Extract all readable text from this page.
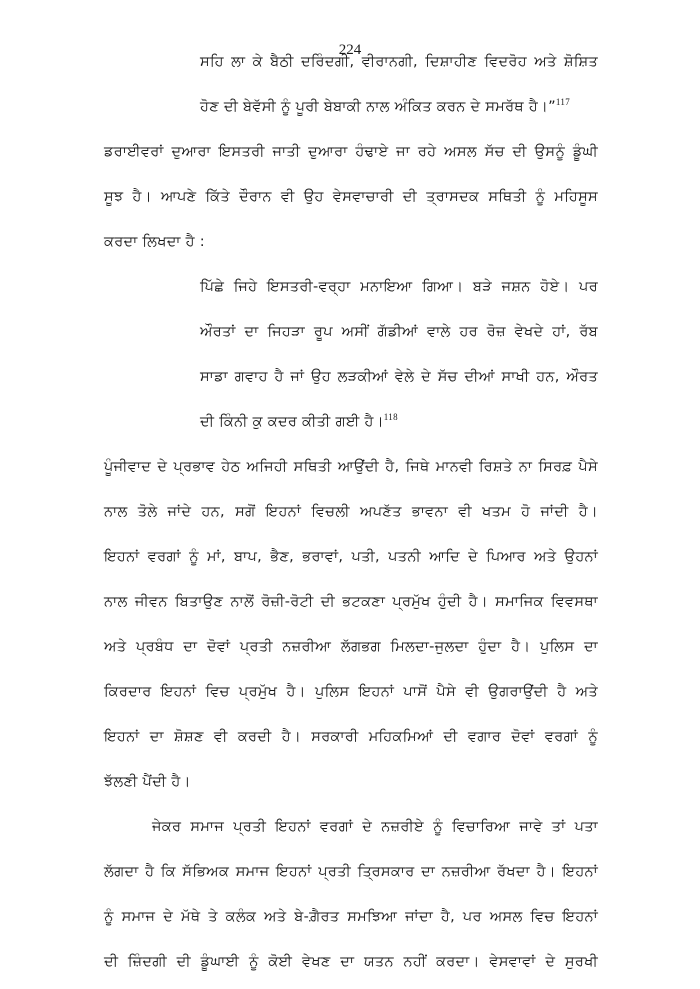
224
ਸਹਿ ਲਾ ਕੇ ਬੈਠੀ ਦਰਿੰਦਗੀ, ਵੀਰਾਨਗੀ, ਦਿਸ਼ਾਹੀਣ ਵਿਦਰੋਹ ਅਤੇ ਸ਼ੋਸ਼ਿਤ
ਹੋਣ ਦੀ ਬੇਵੱਸੀ ਨੂੰ ਪੂਰੀ ਬੇਬਾਕੀ ਨਾਲ ਅੰਕਿਤ ਕਰਨ ਦੇ ਸਮਰੱਥ ਹੈ।”$^{117}$
ਡਰਾਈਵਰਾਂ ਦੁਆਰਾ ਇਸਤਰੀ ਜਾਤੀ ਦੁਆਰਾ ਹੰਢਾਏ ਜਾ ਰਹੇ ਅਸਲ ਸੱਚ ਦੀ ਉਸਨੂੰ ਡੂੰਘੀ
ਸੂਝ ਹੈ। ਆਪਣੇ ਕਿੱਤੇ ਦੌਰਾਨ ਵੀ ਉਹ ਵੇਸਵਾਚਾਰੀ ਦੀ ਤ੍ਰਾਸਦਕ ਸਥਿਤੀ ਨੂੰ ਮਹਿਸੂਸ
ਕਰਦਾ ਲਿਖਦਾ ਹੈ :
ਪਿੱਛੇ ਜਿਹੇ ਇਸਤਰੀ-ਵਰ੍ਹਾ ਮਨਾਇਆ ਗਿਆ। ਬੜੇ ਜਸ਼ਨ ਹੋਏ। ਪਰ
ਔਰਤਾਂ ਦਾ ਜਿਹੜਾ ਰੂਪ ਅਸੀਂ ਗੱਡੀਆਂ ਵਾਲੇ ਹਰ ਰੋਜ਼ ਵੇਖਦੇ ਹਾਂ, ਰੱਬ
ਸਾਡਾ ਗਵਾਹ ਹੈ ਜਾਂ ਉਹ ਲੜਕੀਆਂ ਵੇਲੇ ਦੇ ਸੱਚ ਦੀਆਂ ਸਾਖੀ ਹਨ, ਔਰਤ
ਦੀ ਕਿੰਨੀ ਕੁ ਕਦਰ ਕੀਤੀ ਗਈ ਹੈ।$^{118}$
ਪੂੰਜੀਵਾਦ ਦੇ ਪ੍ਰਭਾਵ ਹੇਠ ਅਜਿਹੀ ਸਥਿਤੀ ਆਉਂਦੀ ਹੈ, ਜਿਥੇ ਮਾਨਵੀ ਰਿਸ਼ਤੇ ਨਾ ਸਿਰਫ਼ ਪੈਸੇ
ਨਾਲ ਤੋਲੇ ਜਾਂਦੇ ਹਨ, ਸਗੋਂ ਇਹਨਾਂ ਵਿਚਲੀ ਅਪਣੱਤ ਭਾਵਨਾ ਵੀ ਖਤਮ ਹੋ ਜਾਂਦੀ ਹੈ।
ਇਹਨਾਂ ਵਰਗਾਂ ਨੂੰ ਮਾਂ, ਬਾਪ, ਭੈਣ, ਭਰਾਵਾਂ, ਪਤੀ, ਪਤਨੀ ਆਦਿ ਦੇ ਪਿਆਰ ਅਤੇ ਉਹਨਾਂ
ਨਾਲ ਜੀਵਨ ਬਿਤਾਉਣ ਨਾਲੋਂ ਰੋਜ਼ੀ-ਰੋਟੀ ਦੀ ਭਟਕਣਾ ਪ੍ਰਮੁੱਖ ਹੁੰਦੀ ਹੈ। ਸਮਾਜਿਕ ਵਿਵਸਥਾ
ਅਤੇ ਪ੍ਰਬੰਧ ਦਾ ਦੋਵਾਂ ਪ੍ਰਤੀ ਨਜ਼ਰੀਆ ਲੱਗਭਗ ਮਿਲਦਾ-ਜੁਲਦਾ ਹੁੰਦਾ ਹੈ। ਪੁਲਿਸ ਦਾ
ਕਿਰਦਾਰ ਇਹਨਾਂ ਵਿਚ ਪ੍ਰਮੁੱਖ ਹੈ। ਪੁਲਿਸ ਇਹਨਾਂ ਪਾਸੋਂ ਪੈਸੇ ਵੀ ਉਗਰਾਉਂਦੀ ਹੈ ਅਤੇ
ਇਹਨਾਂ ਦਾ ਸ਼ੋਸ਼ਣ ਵੀ ਕਰਦੀ ਹੈ। ਸਰਕਾਰੀ ਮਹਿਕਮਿਆਂ ਦੀ ਵਗਾਰ ਦੋਵਾਂ ਵਰਗਾਂ ਨੂੰ
ਝੱਲਣੀ ਪੈਂਦੀ ਹੈ।
ਜੇਕਰ ਸਮਾਜ ਪ੍ਰਤੀ ਇਹਨਾਂ ਵਰਗਾਂ ਦੇ ਨਜ਼ਰੀਏ ਨੂੰ ਵਿਚਾਰਿਆ ਜਾਵੇ ਤਾਂ ਪਤਾ
ਲੱਗਦਾ ਹੈ ਕਿ ਸੱਭਿਅਕ ਸਮਾਜ ਇਹਨਾਂ ਪ੍ਰਤੀ ਤ੍ਰਿਸਕਾਰ ਦਾ ਨਜ਼ਰੀਆ ਰੱਖਦਾ ਹੈ। ਇਹਨਾਂ
ਨੂੰ ਸਮਾਜ ਦੇ ਮੱਥੇ ਤੇ ਕਲੰਕ ਅਤੇ ਬੇ-ਗ਼ੈਰਤ ਸਮਝਿਆ ਜਾਂਦਾ ਹੈ, ਪਰ ਅਸਲ ਵਿਚ ਇਹਨਾਂ
ਦੀ ਜ਼ਿੰਦਗੀ ਦੀ ਡੂੰਘਾਈ ਨੂੰ ਕੋਈ ਵੇਖਣ ਦਾ ਯਤਨ ਨਹੀਂ ਕਰਦਾ। ਵੇਸਵਾਵਾਂ ਦੇ ਸੁਰਖੀ
